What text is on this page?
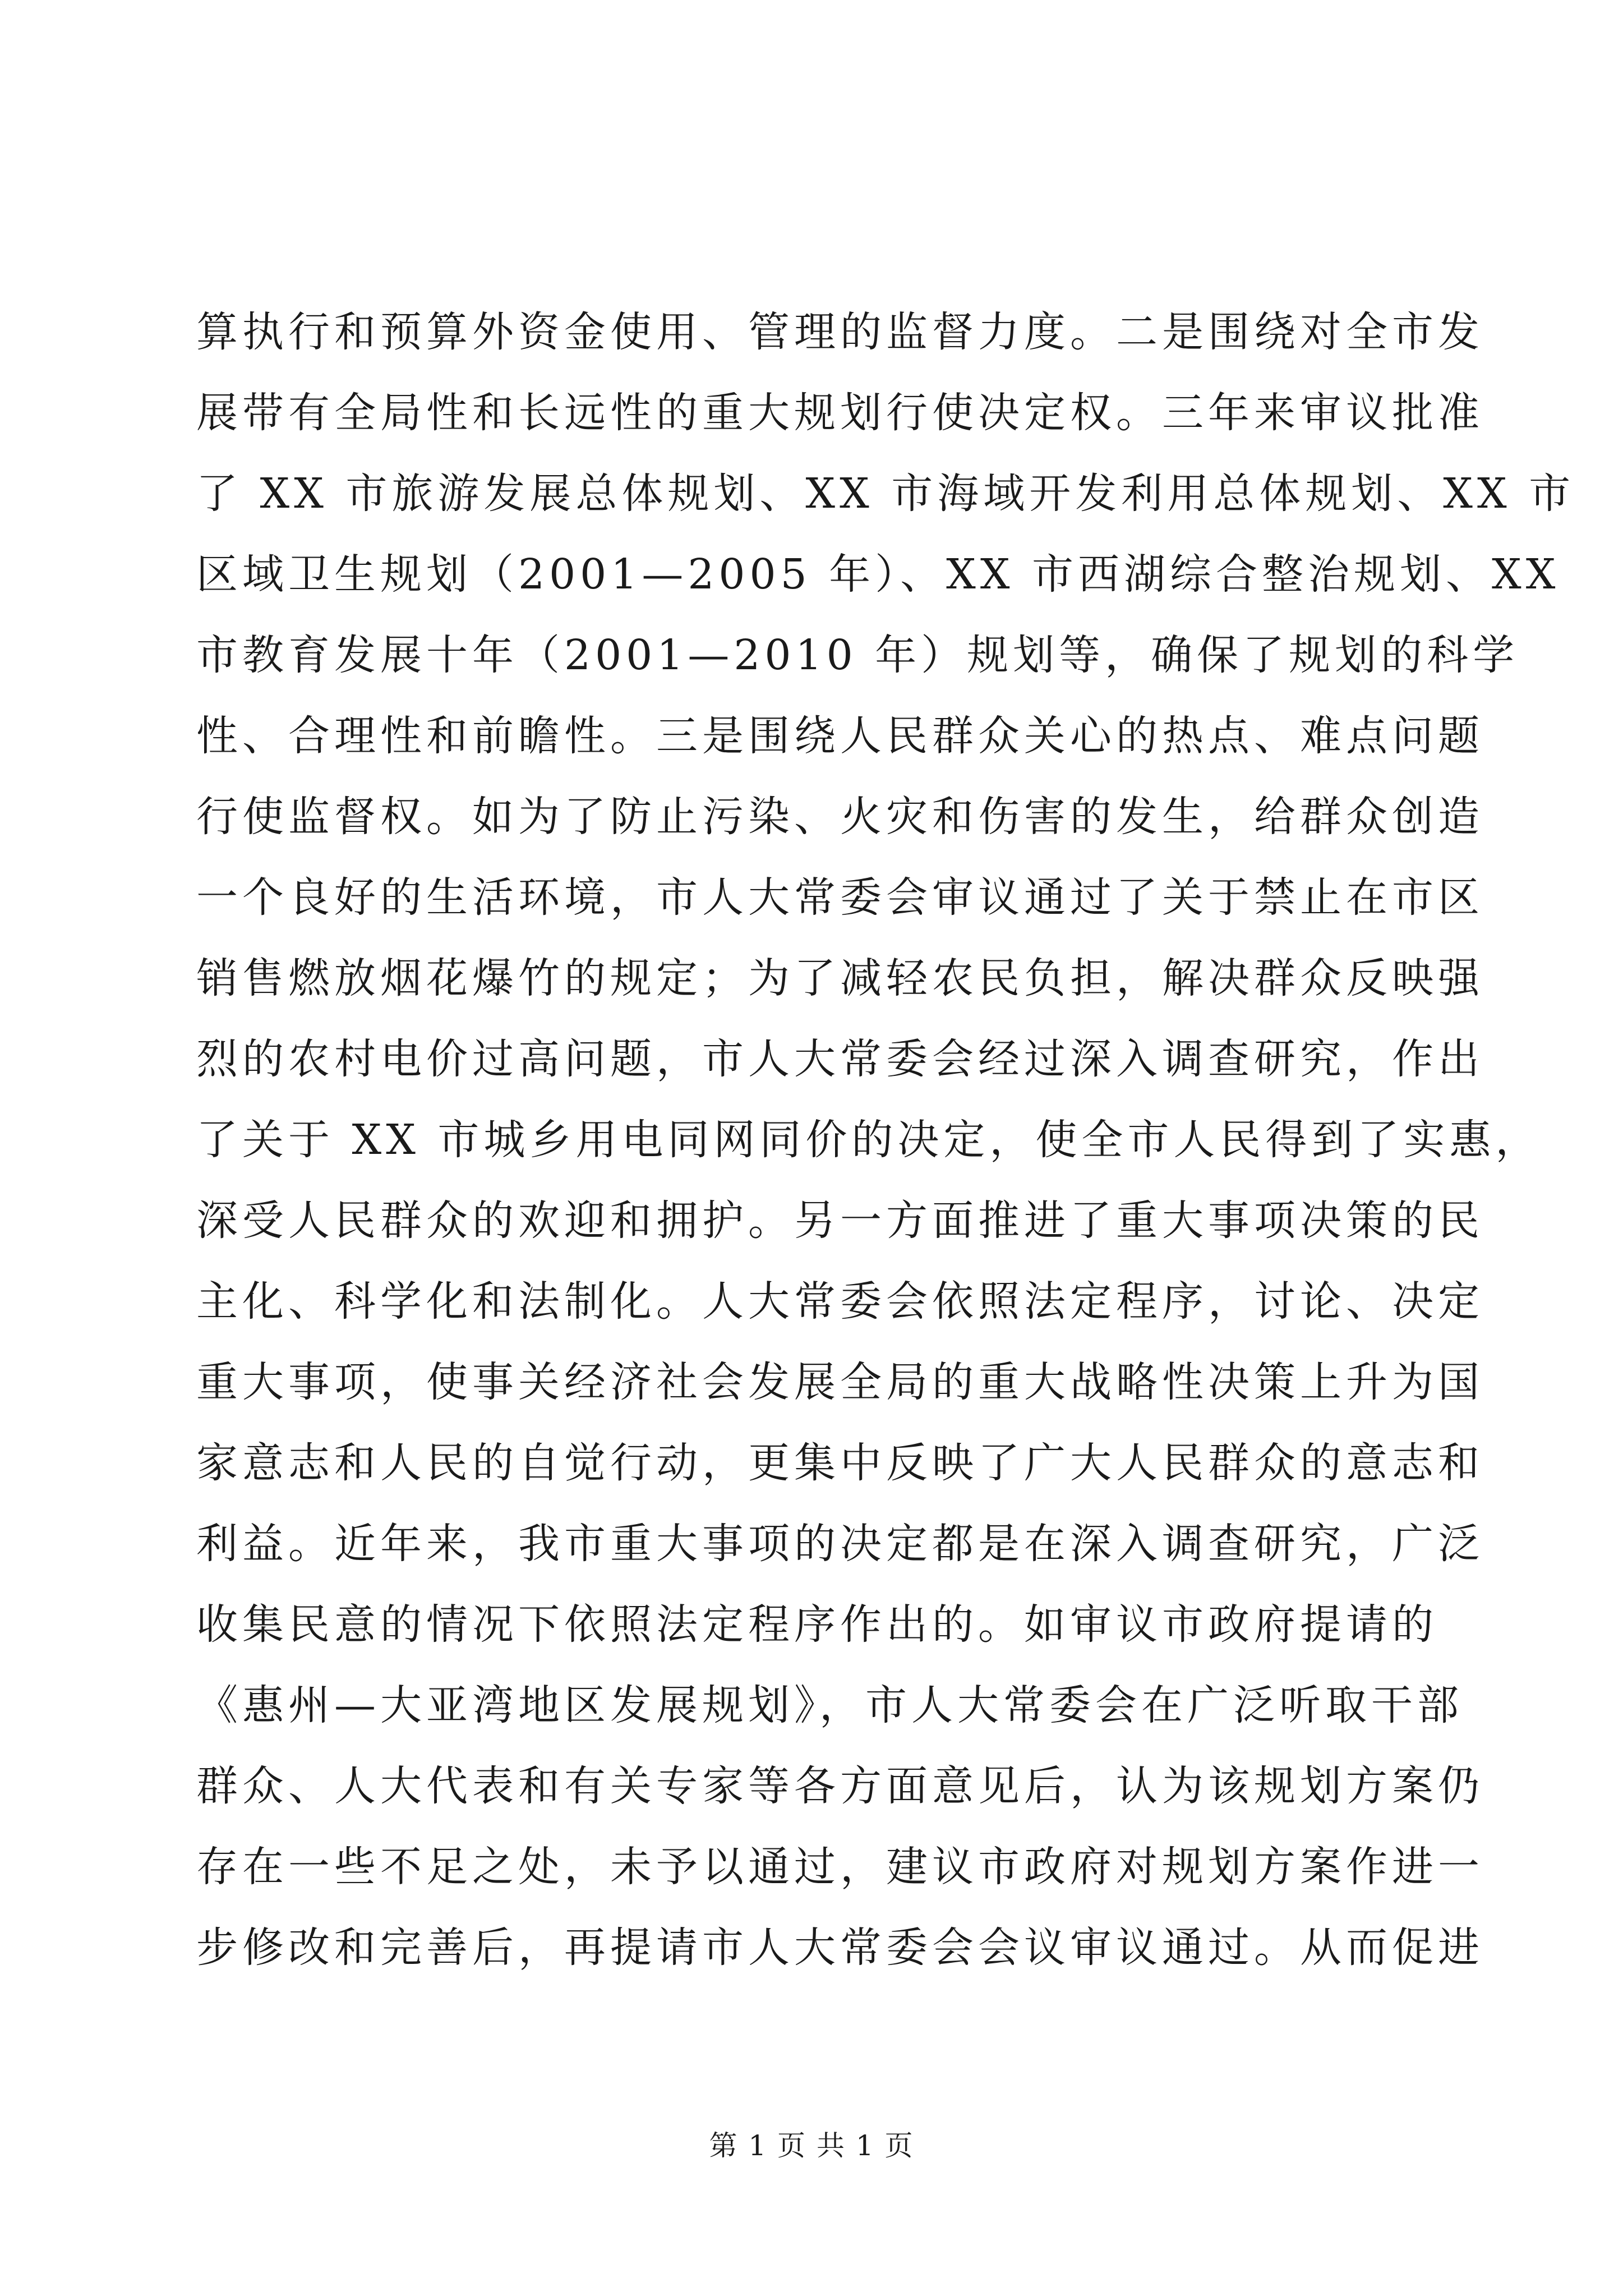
算执行和预算外资金使用、管理的监督力度。二是围绕对全市发
展带有全局性和长远性的重大规划行使决定权。三年来审议批准
了 XX 市旅游发展总体规划、XX 市海域开发利用总体规划、XX 市
区域卫生规划（2001—2005 年）、XX 市西湖综合整治规划、XX
市教育发展十年（2001—2010 年）规划等，确保了规划的科学
性、合理性和前瞻性。三是围绕人民群众关心的热点、难点问题
行使监督权。如为了防止污染、火灾和伤害的发生，给群众创造
一个良好的生活环境，市人大常委会审议通过了关于禁止在市区
销售燃放烟花爆竹的规定；为了减轻农民负担，解决群众反映强
烈的农村电价过高问题，市人大常委会经过深入调查研究，作出
了关于 XX 市城乡用电同网同价的决定，使全市人民得到了实惠，
深受人民群众的欢迎和拥护。另一方面推进了重大事项决策的民
主化、科学化和法制化。人大常委会依照法定程序，讨论、决定
重大事项，使事关经济社会发展全局的重大战略性决策上升为国
家意志和人民的自觉行动，更集中反映了广大人民群众的意志和
利益。近年来，我市重大事项的决定都是在深入调查研究，广泛
收集民意的情况下依照法定程序作出的。如审议市政府提请的
《惠州—大亚湾地区发展规划》，市人大常委会在广泛听取干部
群众、人大代表和有关专家等各方面意见后，认为该规划方案仍
存在一些不足之处，未予以通过，建议市政府对规划方案作进一
步修改和完善后，再提请市人大常委会会议审议通过。从而促进
第 1 页 共 1 页
